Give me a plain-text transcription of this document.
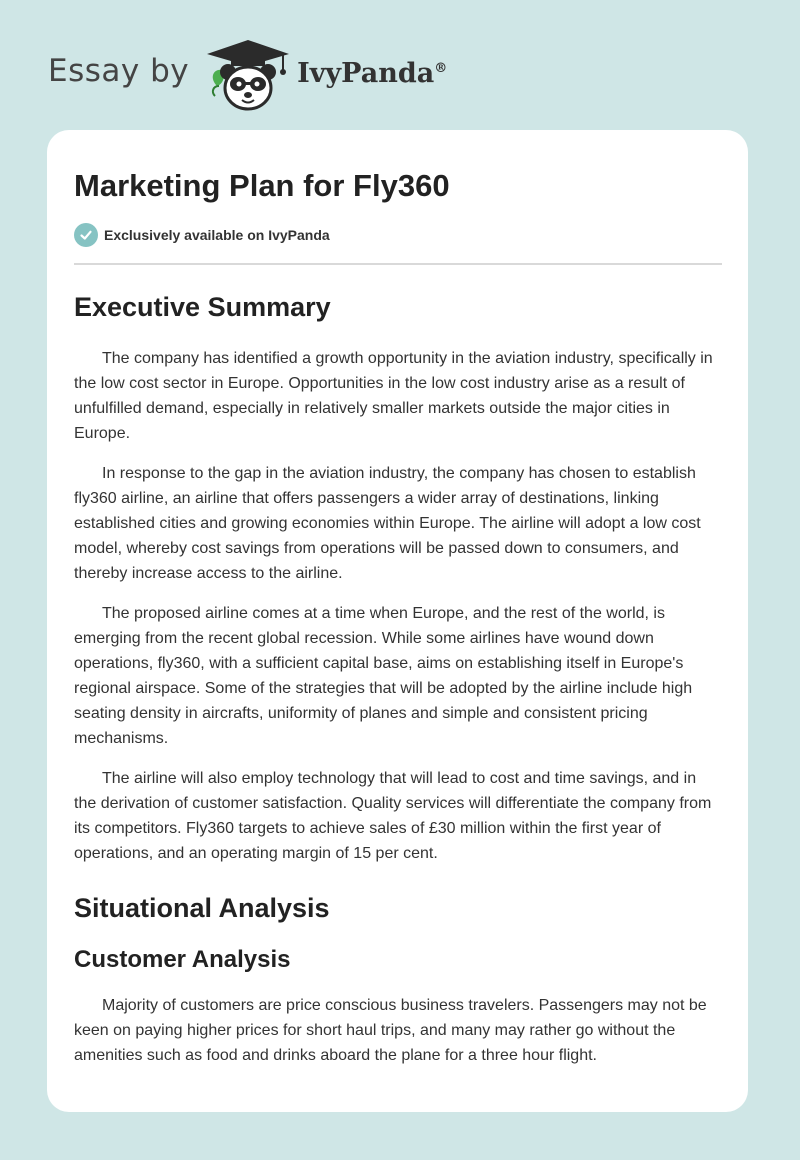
Essay by	IvyPanda®
Marketing Plan for Fly360
Exclusively available on IvyPanda
Executive Summary

The company has identified a growth opportunity in the aviation industry, specifically in the low cost sector in Europe. Opportunities in the low cost industry arise as a result of unfulfilled demand, especially in relatively smaller markets outside the major cities in Europe.

In response to the gap in the aviation industry, the company has chosen to establish fly360 airline, an airline that offers passengers a wider array of destinations, linking established cities and growing economies within Europe. The airline will adopt a low cost model, whereby cost savings from operations will be passed down to consumers, and thereby increase access to the airline.

The proposed airline comes at a time when Europe, and the rest of the world, is emerging from the recent global recession. While some airlines have wound down operations, fly360, with a sufficient capital base, aims on establishing itself in Europe's regional airspace. Some of the strategies that will be adopted by the airline include high seating density in aircrafts, uniformity of planes and simple and consistent pricing mechanisms.

The airline will also employ technology that will lead to cost and time savings, and in the derivation of customer satisfaction. Quality services will differentiate the company from its competitors. Fly360 targets to achieve sales of £30 million within the first year of operations, and an operating margin of 15 per cent.

Situational Analysis
Customer Analysis

Majority of customers are price conscious business travelers. Passengers may not be keen on paying higher prices for short haul trips, and many may rather go without the amenities such as food and drinks aboard the plane for a three hour flight.
